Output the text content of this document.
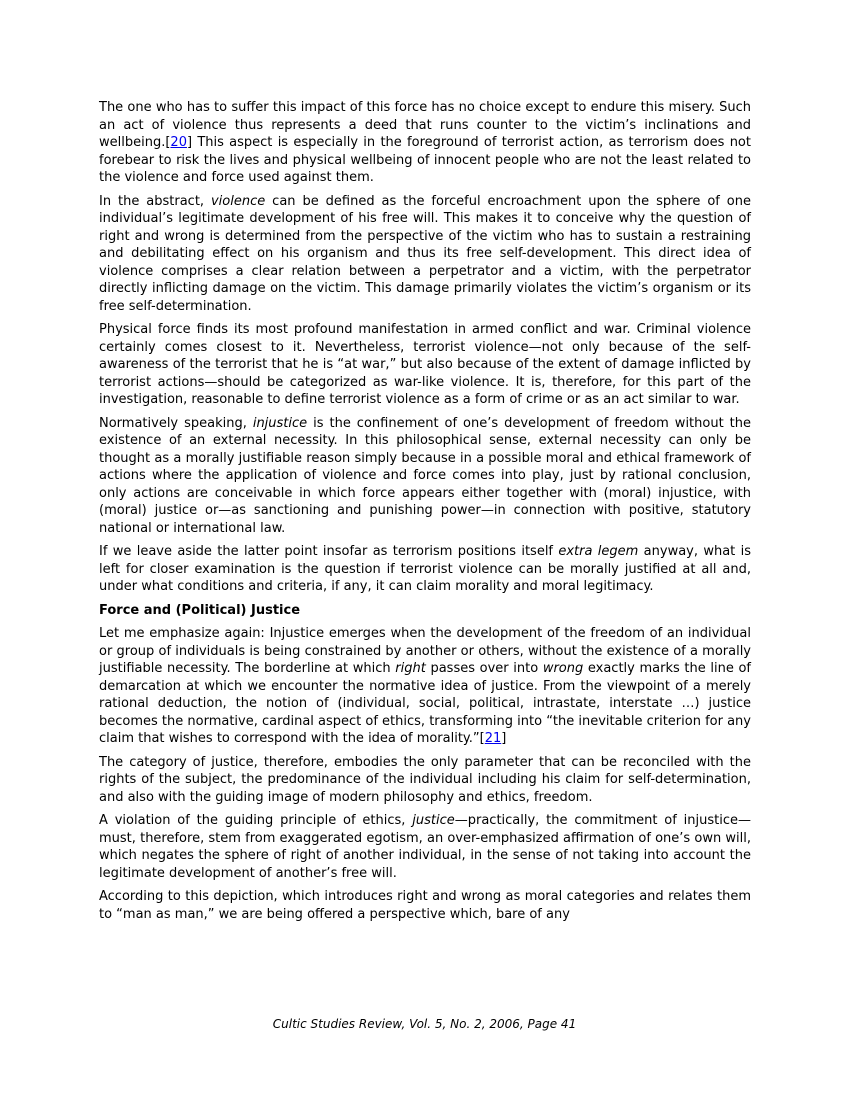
The one who has to suffer this impact of this force has no choice except to endure this misery. Such an act of violence thus represents a deed that runs counter to the victim’s inclinations and wellbeing.[20] This aspect is especially in the foreground of terrorist action, as terrorism does not forebear to risk the lives and physical wellbeing of innocent people who are not the least related to the violence and force used against them.

In the abstract, violence can be defined as the forceful encroachment upon the sphere of one individual’s legitimate development of his free will. This makes it to conceive why the question of right and wrong is determined from the perspective of the victim who has to sustain a restraining and debilitating effect on his organism and thus its free self-development. This direct idea of violence comprises a clear relation between a perpetrator and a victim, with the perpetrator directly inflicting damage on the victim. This damage primarily violates the victim’s organism or its free self-determination.

Physical force finds its most profound manifestation in armed conflict and war. Criminal violence certainly comes closest to it. Nevertheless, terrorist violence—not only because of the self-awareness of the terrorist that he is “at war,” but also because of the extent of damage inflicted by terrorist actions—should be categorized as war-like violence. It is, therefore, for this part of the investigation, reasonable to define terrorist violence as a form of crime or as an act similar to war.

Normatively speaking, injustice is the confinement of one’s development of freedom without the existence of an external necessity. In this philosophical sense, external necessity can only be thought as a morally justifiable reason simply because in a possible moral and ethical framework of actions where the application of violence and force comes into play, just by rational conclusion, only actions are conceivable in which force appears either together with (moral) injustice, with (moral) justice or—as sanctioning and punishing power—in connection with positive, statutory national or international law.

If we leave aside the latter point insofar as terrorism positions itself extra legem anyway, what is left for closer examination is the question if terrorist violence can be morally justified at all and, under what conditions and criteria, if any, it can claim morality and moral legitimacy.

Force and (Political) Justice

Let me emphasize again: Injustice emerges when the development of the freedom of an individual or group of individuals is being constrained by another or others, without the existence of a morally justifiable necessity. The borderline at which right passes over into wrong exactly marks the line of demarcation at which we encounter the normative idea of justice. From the viewpoint of a merely rational deduction, the notion of (individual, social, political, intrastate, interstate …) justice becomes the normative, cardinal aspect of ethics, transforming into “the inevitable criterion for any claim that wishes to correspond with the idea of morality.”[21]

The category of justice, therefore, embodies the only parameter that can be reconciled with the rights of the subject, the predominance of the individual including his claim for self-determination, and also with the guiding image of modern philosophy and ethics, freedom.

A violation of the guiding principle of ethics, justice—practically, the commitment of injustice—must, therefore, stem from exaggerated egotism, an over-emphasized affirmation of one’s own will, which negates the sphere of right of another individual, in the sense of not taking into account the legitimate development of another’s free will.

According to this depiction, which introduces right and wrong as moral categories and relates them to “man as man,” we are being offered a perspective which, bare of any

Cultic Studies Review, Vol. 5, No. 2, 2006, Page 41
